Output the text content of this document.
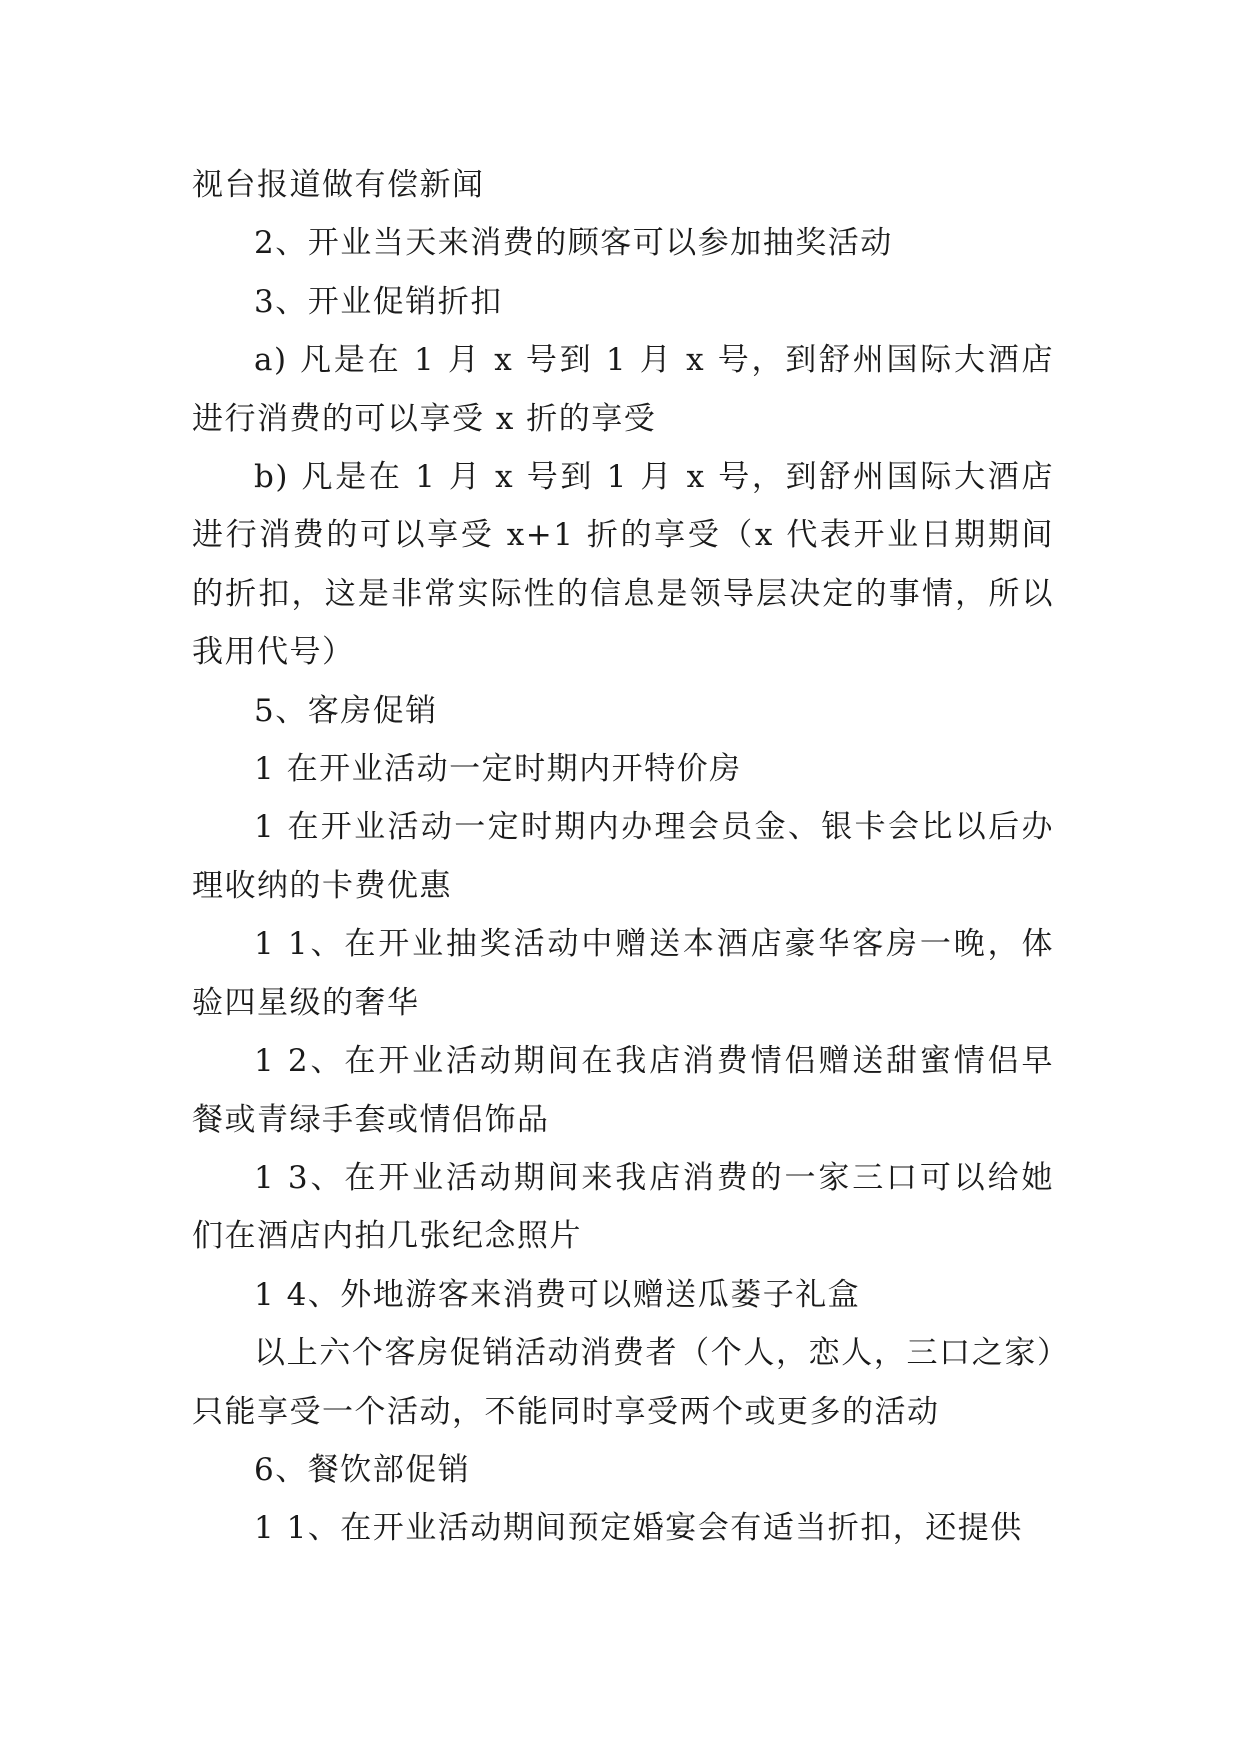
视台报道做有偿新闻

2、开业当天来消费的顾客可以参加抽奖活动

3、开业促销折扣

a) 凡是在 1 月 x 号到 1 月 x 号，到舒州国际大酒店进行消费的可以享受 x 折的享受

b) 凡是在 1 月 x 号到 1 月 x 号，到舒州国际大酒店进行消费的可以享受 x+1 折的享受（x 代表开业日期期间的折扣，这是非常实际性的信息是领导层决定的事情，所以我用代号）

5、客房促销

1 在开业活动一定时期内开特价房

1 在开业活动一定时期内办理会员金、银卡会比以后办理收纳的卡费优惠

1 1、在开业抽奖活动中赠送本酒店豪华客房一晚，体验四星级的奢华

1 2、在开业活动期间在我店消费情侣赠送甜蜜情侣早餐或青绿手套或情侣饰品

1 3、在开业活动期间来我店消费的一家三口可以给她们在酒店内拍几张纪念照片

1 4、外地游客来消费可以赠送瓜蒌子礼盒

以上六个客房促销活动消费者（个人，恋人，三口之家）只能享受一个活动，不能同时享受两个或更多的活动

6、餐饮部促销

1 1、在开业活动期间预定婚宴会有适当折扣，还提供
